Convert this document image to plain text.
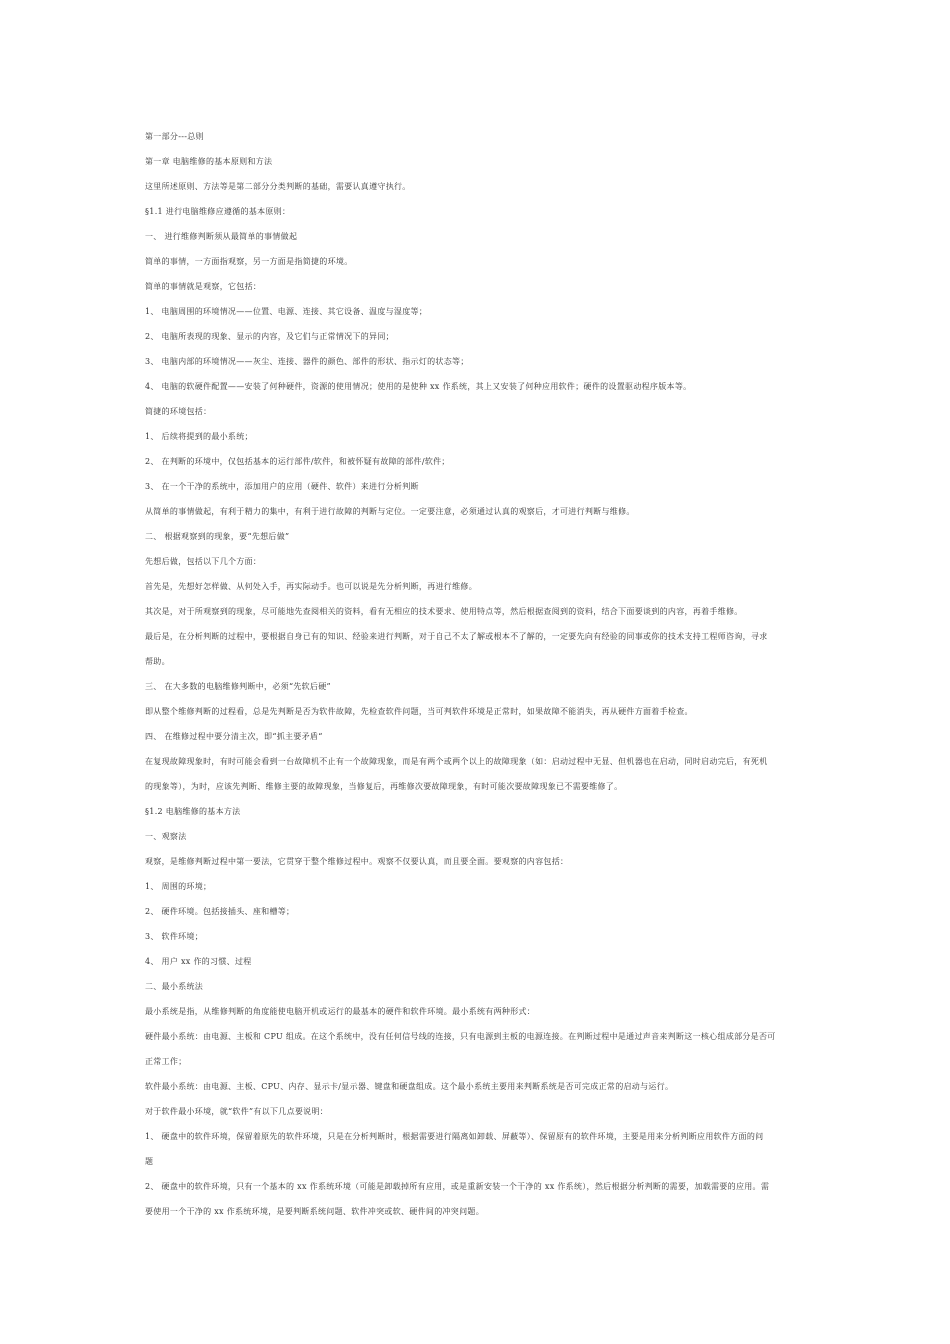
第一部分---总则
第一章 电脑维修的基本原则和方法
这里所述原则、方法等是第二部分分类判断的基础，需要认真遵守执行。
§1.1 进行电脑维修应遵循的基本原则：
一、 进行维修判断须从最简单的事情做起
简单的事情，一方面指观察，另一方面是指简捷的环境。
简单的事情就是观察，它包括：
1、 电脑周围的环境情况——位置、电源、连接、其它设备、温度与湿度等；
2、 电脑所表现的现象、显示的内容，及它们与正常情况下的异同；
3、 电脑内部的环境情况——灰尘、连接、器件的颜色、部件的形状、指示灯的状态等；
4、 电脑的软硬件配置——安装了何种硬件，资源的使用情况；使用的是使种 xx 作系统，其上又安装了何种应用软件；硬件的设置驱动程序版本等。
简捷的环境包括：
1、 后续将提到的最小系统；
2、 在判断的环境中，仅包括基本的运行部件/软件，和被怀疑有故障的部件/软件；
3、 在一个干净的系统中，添加用户的应用（硬件、软件）来进行分析判断
从简单的事情做起，有利于精力的集中，有利于进行故障的判断与定位。一定要注意，必须通过认真的观察后，才可进行判断与维修。
二、 根据观察到的现象，要“先想后做”
先想后做，包括以下几个方面：
首先是，先想好怎样做、从何处入手，再实际动手。也可以说是先分析判断，再进行维修。
其次是，对于所观察到的现象，尽可能地先查阅相关的资料，看有无相应的技术要求、使用特点等，然后根据查阅到的资料，结合下面要谈到的内容，再着手维修。
最后是，在分析判断的过程中，要根据自身已有的知识、经验来进行判断，对于自己不太了解或根本不了解的，一定要先向有经验的同事或你的技术支持工程师咨询，寻求
帮助。
三、 在大多数的电脑维修判断中，必须“先软后硬”
即从整个维修判断的过程看，总是先判断是否为软件故障，先检查软件问题，当可判软件环境是正常时，如果故障不能消失，再从硬件方面着手检查。
四、 在维修过程中要分清主次，即“抓主要矛盾“
在复现故障现象时，有时可能会看到一台故障机不止有一个故障现象，而是有两个或两个以上的故障现象（如：启动过程中无显、但机器也在启动，同时启动完后，有死机
的现象等），为时，应该先判断、维修主要的故障现象，当修复后，再维修次要故障现象，有时可能次要故障现象已不需要维修了。
§1.2 电脑维修的基本方法
一、观察法
观察，是维修判断过程中第一要法，它贯穿于整个维修过程中。观察不仅要认真，而且要全面。要观察的内容包括：
1、 周围的环境；
2、 硬件环境。包括接插头、座和槽等；
3、 软件环境；
4、 用户 xx 作的习惯、过程
二、最小系统法
最小系统是指，从维修判断的角度能使电脑开机或运行的最基本的硬件和软件环境。最小系统有两种形式：
硬件最小系统：由电源、主板和 CPU 组成。在这个系统中，没有任何信号线的连接，只有电源到主板的电源连接。在判断过程中是通过声音来判断这一核心组成部分是否可
正常工作；
软件最小系统：由电源、主板、CPU、内存、显示卡/显示器、键盘和硬盘组成。这个最小系统主要用来判断系统是否可完成正常的启动与运行。
对于软件最小环境，就“软件”有以下几点要说明：
1、 硬盘中的软件环境，保留着原先的软件环境，只是在分析判断时，根据需要进行隔离如卸载、屏蔽等）、保留原有的软件环境，主要是用来分析判断应用软件方面的问
题
2、 硬盘中的软件环境，只有一个基本的 xx 作系统环境（可能是卸载掉所有应用，或是重新安装一个干净的 xx 作系统），然后根据分析判断的需要，加载需要的应用。需
要使用一个干净的 xx 作系统环境，是要判断系统问题、软件冲突或软、硬件间的冲突问题。
